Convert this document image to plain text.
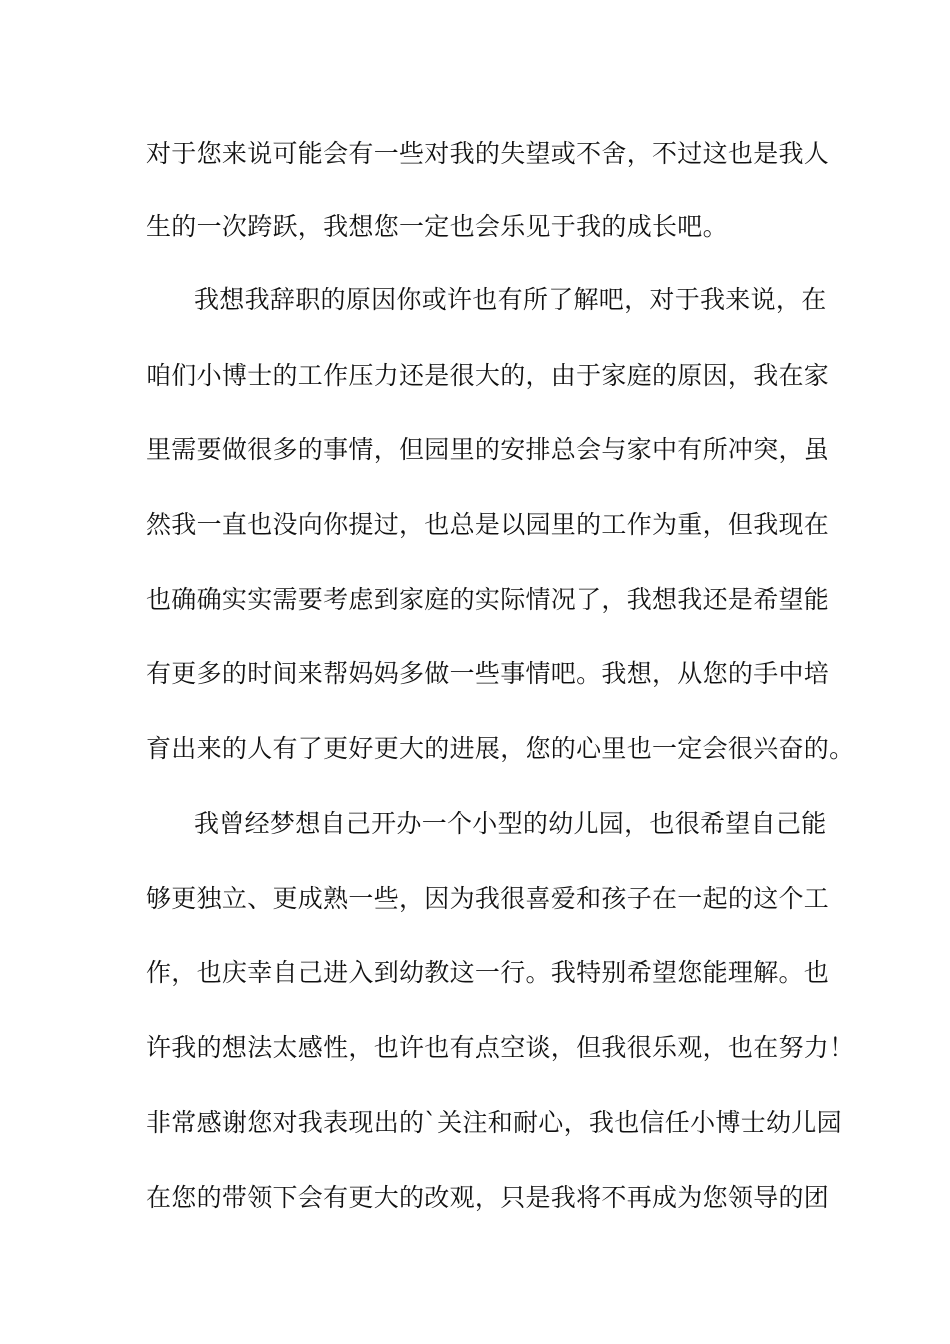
对于您来说可能会有一些对我的失望或不舍，不过这也是我人
生的一次跨跃，我想您一定也会乐见于我的成长吧。
我想我辞职的原因你或许也有所了解吧，对于我来说，在
咱们小博士的工作压力还是很大的，由于家庭的原因，我在家
里需要做很多的事情，但园里的安排总会与家中有所冲突，虽
然我一直也没向你提过，也总是以园里的工作为重，但我现在
也确确实实需要考虑到家庭的实际情况了，我想我还是希望能
有更多的时间来帮妈妈多做一些事情吧。我想，从您的手中培
育出来的人有了更好更大的进展，您的心里也一定会很兴奋的。
我曾经梦想自己开办一个小型的幼儿园，也很希望自己能
够更独立、更成熟一些，因为我很喜爱和孩子在一起的这个工
作，也庆幸自己进入到幼教这一行。我特别希望您能理解。也
许我的想法太感性，也许也有点空谈，但我很乐观，也在努力！
非常感谢您对我表现出的`关注和耐心，我也信任小博士幼儿园
在您的带领下会有更大的改观，只是我将不再成为您领导的团
